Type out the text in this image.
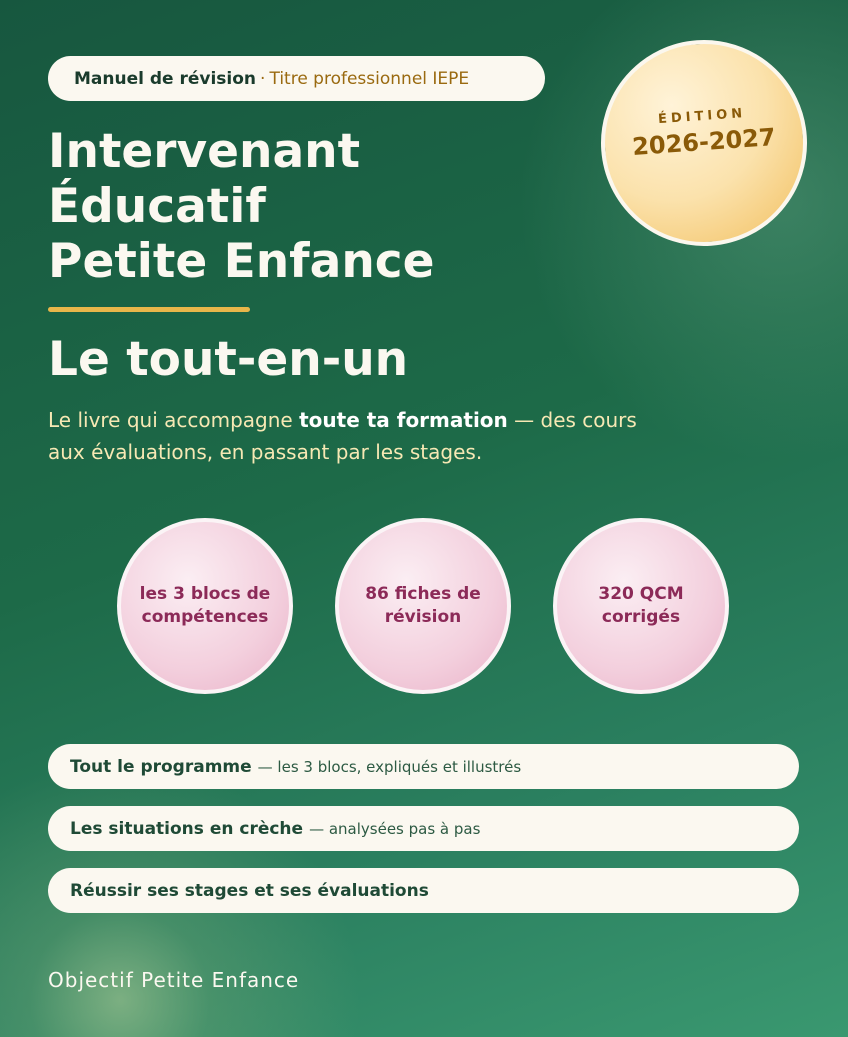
Manuel de révision · Titre professionnel IEPE
ÉDITION
2026-2027
Intervenant
Éducatif
Petite Enfance
Le tout-en-un

Le livre qui accompagne toute ta formation — des cours aux évaluations, en passant par les stages.

les 3 blocs de compétences
86 fiches de révision
320 QCM corrigés
Tout le programme — les 3 blocs, expliqués et illustrés
Les situations en crèche — analysées pas à pas
Réussir ses stages et ses évaluations

Objectif Petite Enfance
